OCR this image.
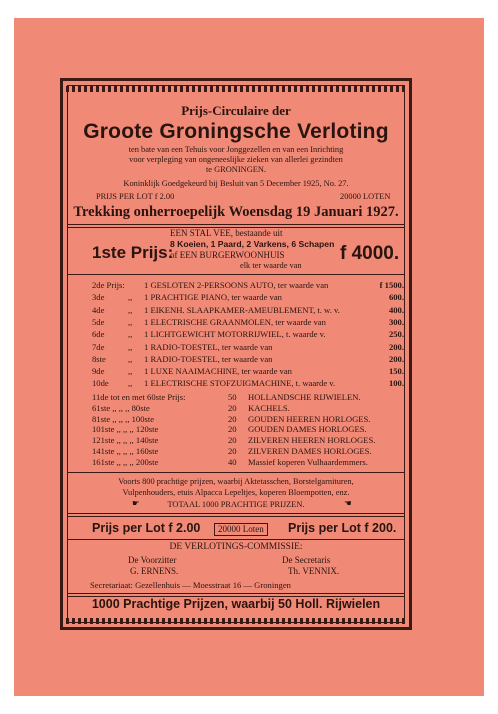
Prijs-Circulaire der
Groote Groningsche Verloting
ten bate van een Tehuis voor Jonggezellen en van een Inrichting
voor verpleging van ongeneeslijke zieken van allerlei gezindten
te GRONINGEN.
Koninklijk Goedgekeurd bij Besluit van 5 December 1925, No. 27.
PRIJS PER LOT f 2.00	20000 LOTEN
Trekking onherroepelijk Woensdag 19 Januari 1927.
1ste Prijs:
EEN STAL VEE, bestaande uit
8 Koeien, 1 Paard, 2 Varkens, 6 Schapen
of EEN BURGERWOONHUIS
elk ter waarde van
f 4000.
2de Prijs: 1 GESLOTEN 2-PERSOONS AUTO, ter waarde van	f 1500.
3de	,, 1 PRACHTIGE PIANO, ter waarde van	600.
4de	,, 1 EIKENH. SLAAPKAMER-AMEUBLEMENT, t. w. v.	400.
5de	,, 1 ELECTRISCHE GRAANMOLEN, ter waarde van	300.
6de	,, 1 LICHTGEWICHT MOTORRIJWIEL, t. waarde v.	250.
7de	,, 1 RADIO-TOESTEL, ter waarde van	200.
8ste	,, 1 RADIO-TOESTEL, ter waarde van	200.
9de	,, 1 LUXE NAAIMACHINE, ter waarde van	150.
10de ,, 1 ELECTRISCHE STOFZUIGMACHINE, t. waarde v.	100.
11de tot en met 60ste Prijs:	50 HOLLANDSCHE RIJWIELEN.
61ste ,, ,, ,, 80ste	20 KACHELS.
81ste ,, ,, ,, 100ste	20 GOUDEN HEEREN HORLOGES.
101ste ,, ,, ,, 120ste	20 GOUDEN DAMES HORLOGES.
121ste ,, ,, ,, 140ste	20 ZILVEREN HEEREN HORLOGES.
141ste ,, ,, ,, 160ste	20 ZILVEREN DAMES HORLOGES.
161ste ,, ,, ,, 200ste	40 Massief koperen Vulhaardemmers.
Voorts 800 prachtige prijzen, waarbij Aktetasschen, Borstelgarnituren,
Vulpenhouders, etuis Alpacca Lepeltjes, koperen Bloempotten, enz.
☛	TOTAAL 1000 PRACHTIGE PRIJZEN.	☚
Prijs per Lot f 2.00	20000 Loten	Prijs per Lot f 200.
DE VERLOTINGS-COMMISSIE:
De Voorzitter	De Secretaris
G. ERNENS.	Th. VENNIX.
Secretariaat: Gezellenhuis — Moesstraat 16 — Groningen
1000 Prachtige Prijzen, waarbij 50 Holl. Rijwielen
